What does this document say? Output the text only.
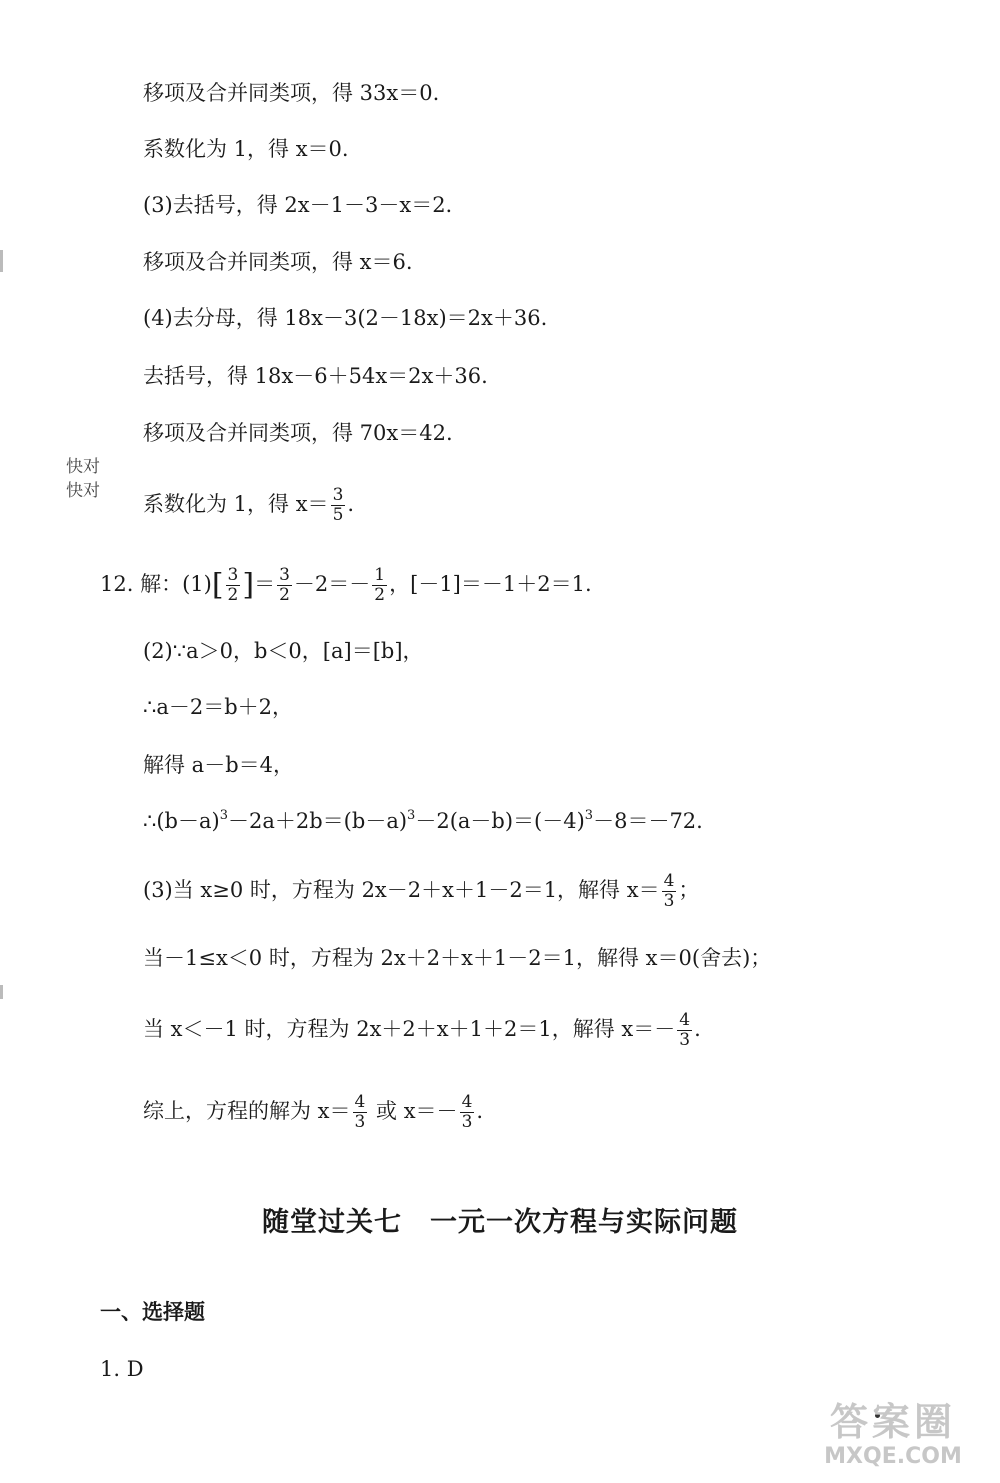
移项及合并同类项，得 33x＝0.
系数化为 1，得 x＝0.
(3)去括号，得 2x－1－3－x＝2.
移项及合并同类项，得 x＝6.
(4)去分母，得 18x－3(2－18x)＝2x＋36.
去括号，得 18x－6＋54x＝2x＋36.
移项及合并同类项，得 70x＝42.
快对
快对
系数化为 1，得 $x= \frac{3}{5}$ .
12. 解：$(1)[ \frac{3}{2}$ ]＝ $\frac{3}{2} -2=- \frac{1}{2}$ ，[－1]＝－1＋2＝1.
(2)∵a＞0，b＜0，[a]＝[b]，
∴a－2＝b＋2，
解得 a－b＝4，
$\therefore(b-a)^3-2a+2b=(b-a)^3-2(a-b)=(-4)^3-8=-72$.
(3)当 x≥0 时，方程为 2x－2＋x＋1－2＝1，解得 $x= \frac{4}{3}$ ；
当－1≤x＜0 时，方程为 2x＋2＋x＋1－2＝1，解得 x＝0(舍去)；
当 x＜－1 时，方程为 2x＋2＋x＋1＋2＝1，解得 $x=- \frac{4}{3}$ .
综上，方程的解为 $x= \frac{4}{3}$ 或 $x=- \frac{4}{3}$ .
随堂过关七　一元一次方程与实际问题
一、选择题
1. D
答案圈
MXQE.COM
